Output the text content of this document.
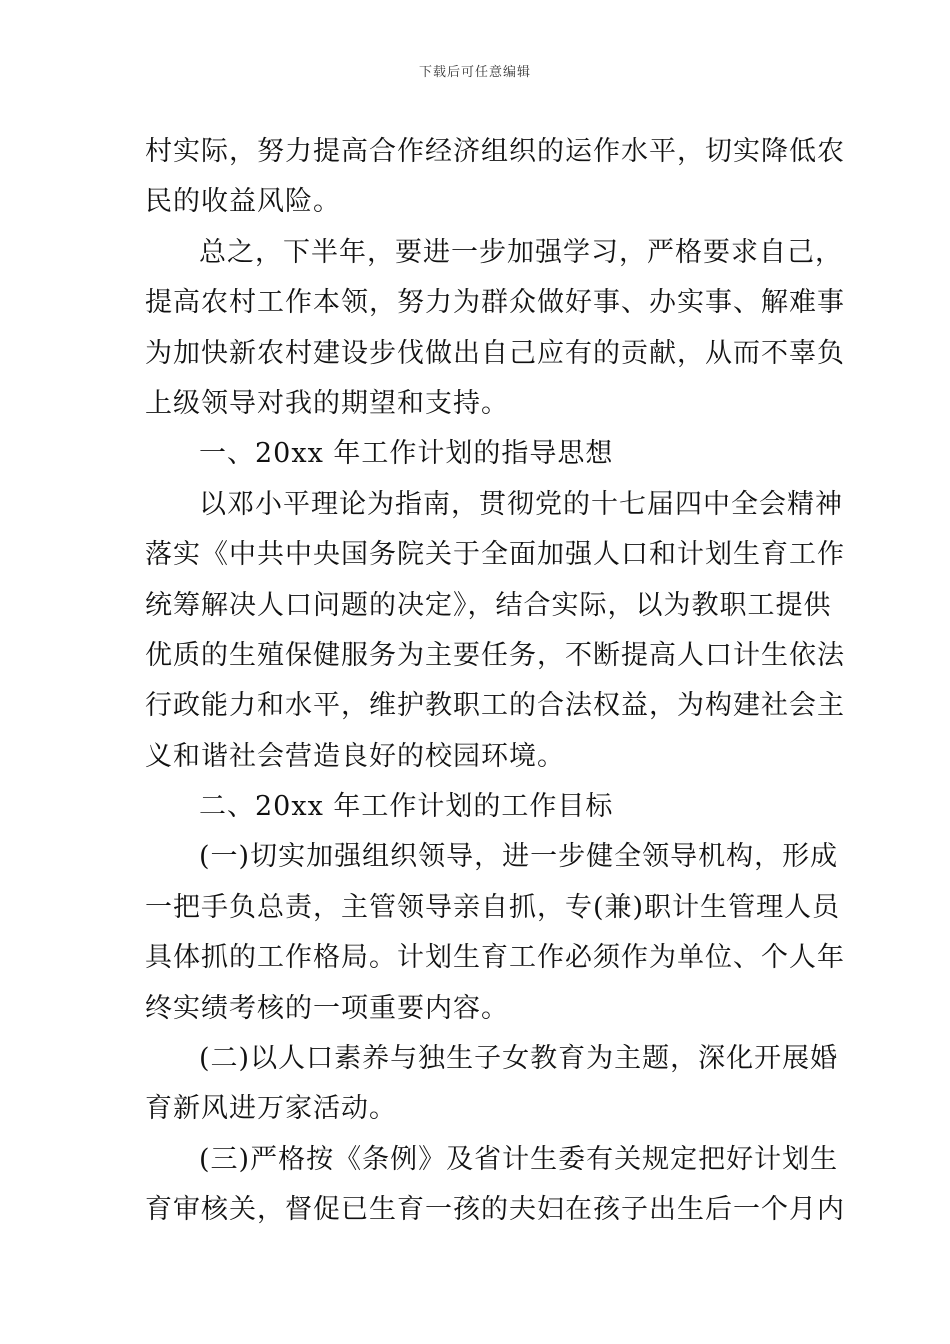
下载后可任意编辑
村实际，努力提高合作经济组织的运作水平，切实降低农
民的收益风险。
总之，下半年，要进一步加强学习，严格要求自己，
提高农村工作本领，努力为群众做好事、办实事、解难事
为加快新农村建设步伐做出自己应有的贡献，从而不辜负
上级领导对我的期望和支持。
一、20xx 年工作计划的指导思想
以邓小平理论为指南，贯彻党的十七届四中全会精神
落实《中共中央国务院关于全面加强人口和计划生育工作
统筹解决人口问题的决定》，结合实际，以为教职工提供
优质的生殖保健服务为主要任务，不断提高人口计生依法
行政能力和水平，维护教职工的合法权益，为构建社会主
义和谐社会营造良好的校园环境。
二、20xx 年工作计划的工作目标
(一)切实加强组织领导，进一步健全领导机构，形成
一把手负总责，主管领导亲自抓，专(兼)职计生管理人员
具体抓的工作格局。计划生育工作必须作为单位、个人年
终实绩考核的一项重要内容。
(二)以人口素养与独生子女教育为主题，深化开展婚
育新风进万家活动。
(三)严格按《条例》及省计生委有关规定把好计划生
育审核关，督促已生育一孩的夫妇在孩子出生后一个月内
